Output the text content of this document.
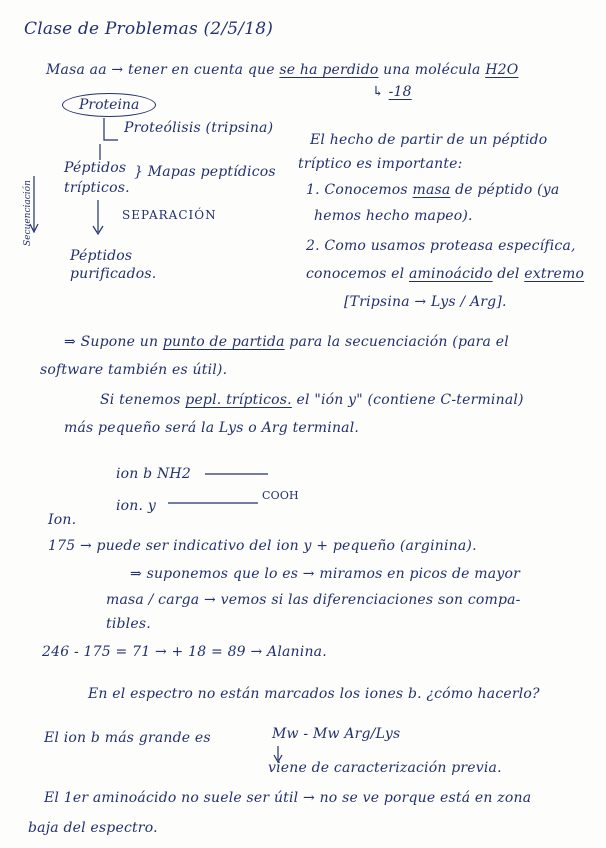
Clase de Problemas (2/5/18)
Masa aa → tener en cuenta que se ha perdido una molécula H2O
↳ -18
Proteina
Proteólisis (tripsina)
Péptidos
trípticos.
} Mapas peptídicos
Secuenciación	SEPARACIÓN
Péptidos
purificados.
El hecho de partir de un péptido
tríptico es importante:
1. Conocemos masa de péptido (ya
hemos hecho mapeo).
2. Como usamos proteasa específica,
conocemos el aminoácido del extremo
[Tripsina → Lys / Arg].
⇒ Supone un punto de partida para la secuenciación (para el
software también es útil).
Si tenemos pepl. trípticos. el "ión y" (contiene C-terminal)
más pequeño será la Lys o Arg terminal.
ion b NH2
ion. y
COOH
Ion.
175 → puede ser indicativo del ion y + pequeño (arginina).
⇒ suponemos que lo es → miramos en picos de mayor
masa / carga → vemos si las diferenciaciones son compa-
tibles.
246 - 175 = 71 → + 18 = 89 → Alanina.
En el espectro no están marcados los iones b. ¿cómo hacerlo?
El ion b más grande es	Mw - Mw Arg/Lys
viene de caracterización previa.
El 1er aminoácido no suele ser útil → no se ve porque está en zona
baja del espectro.
